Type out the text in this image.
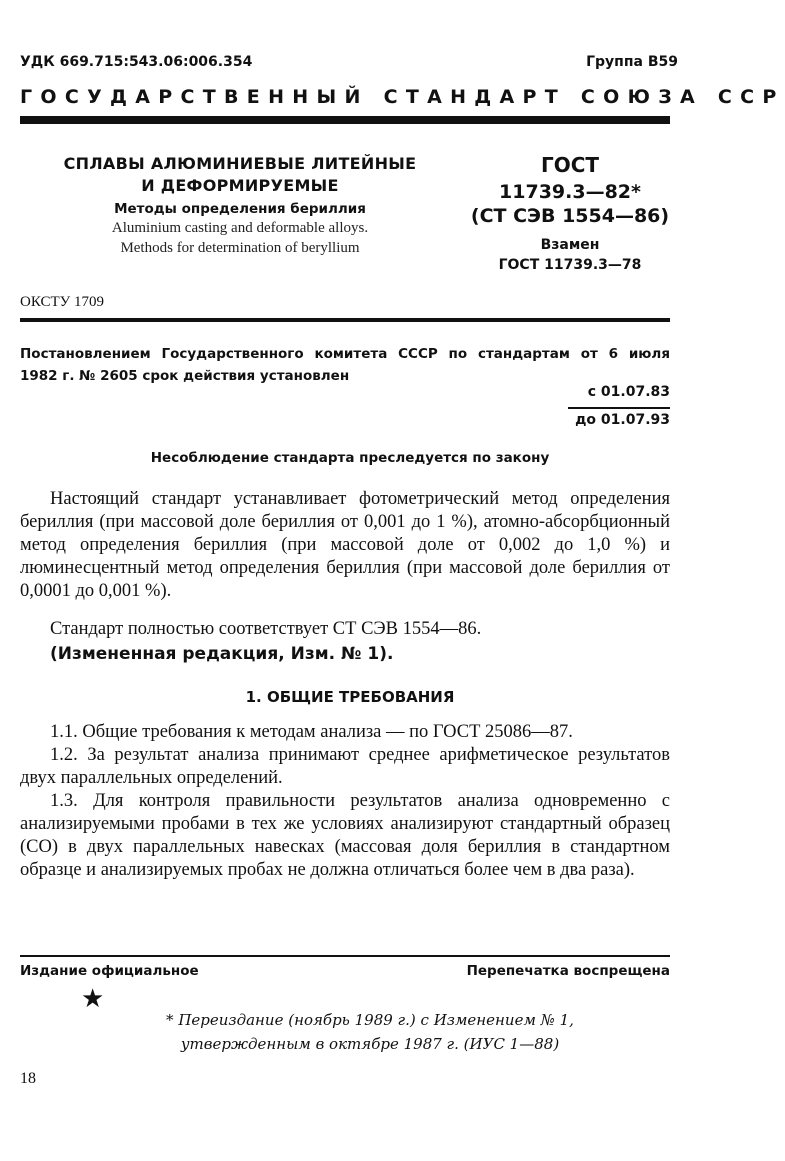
УДК 669.715:543.06:006.354	Группа В59
ГОСУДАРСТВЕННЫЙ СТАНДАРТ СОЮЗА ССР
СПЛАВЫ АЛЮМИНИЕВЫЕ ЛИТЕЙНЫЕ
И ДЕФОРМИРУЕМЫЕ
Методы определения бериллия
Aluminium casting and deformable alloys.
Methods for determination of beryllium
ГОСТ
11739.3—82*
(СТ СЭВ 1554—86)
Взамен
ГОСТ 11739.3—78
ОКСТУ 1709
Постановлением Государственного комитета СССР по стандартам от 6 июля
1982 г. № 2605 срок действия установлен
с 01.07.83
до 01.07.93
Несоблюдение стандарта преследуется по закону

Настоящий стандарт устанавливает фотометрический метод определения бериллия (при массовой доле бериллия от 0,001 до 1 %), атомно-абсорбционный метод определения бериллия (при массовой доле от 0,002 до 1,0 %) и люминесцентный метод определения бериллия (при массовой доле бериллия от 0,0001 до 0,001 %).

Стандарт полностью соответствует СТ СЭВ 1554—86.
(Измененная редакция, Изм. № 1).
1. ОБЩИЕ ТРЕБОВАНИЯ

1.1. Общие требования к методам анализа — по ГОСТ 25086—87.

1.2. За результат анализа принимают среднее арифметическое результатов двух параллельных определений.

1.3. Для контроля правильности результатов анализа одновременно с анализируемыми пробами в тех же условиях анализируют стандартный образец (СО) в двух параллельных навесках (массовая доля бериллия в стандартном образце и анализируемых пробах не должна отличаться более чем в два раза).

Издание официальное	Перепечатка воспрещена
★
* Переиздание (ноябрь 1989 г.) с Изменением № 1,
утвержденным в октябре 1987 г. (ИУС 1—88)
18
